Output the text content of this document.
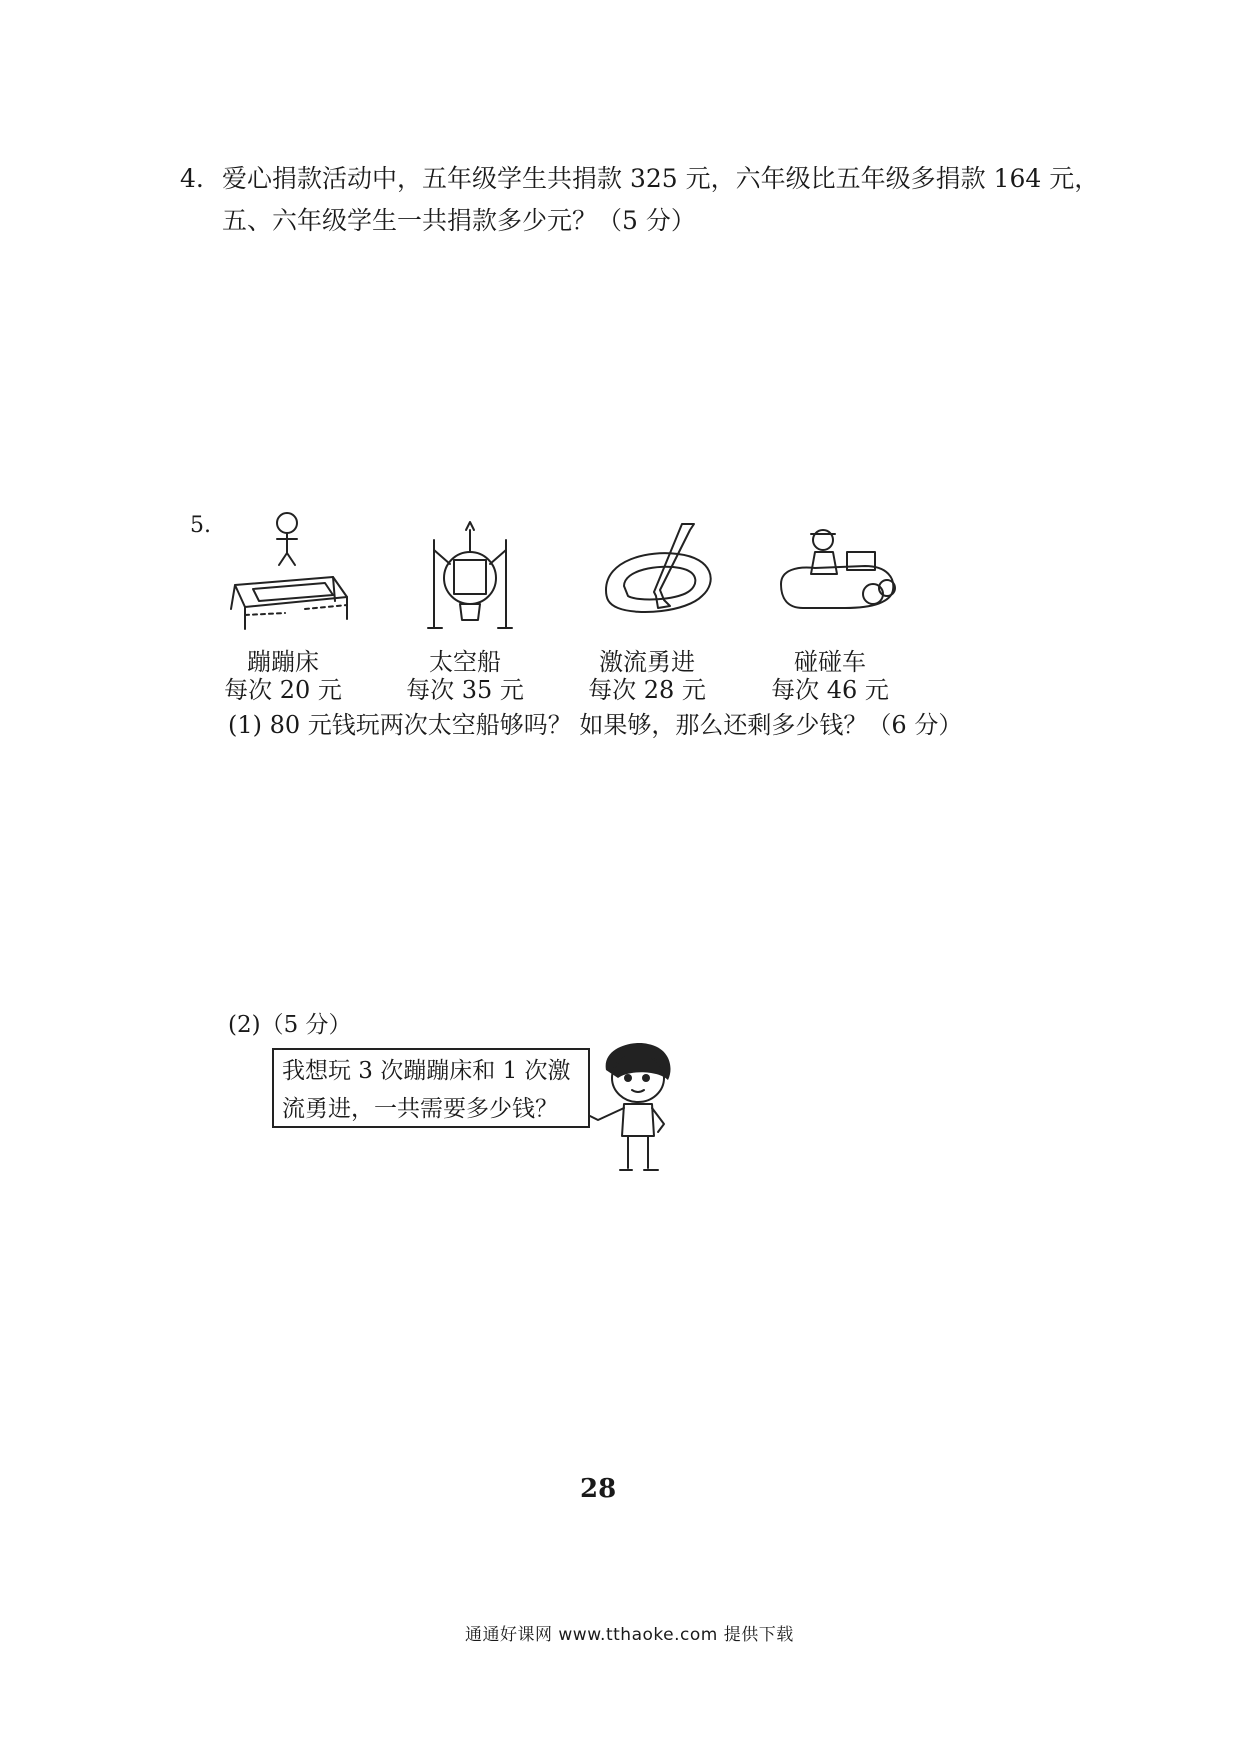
4. 爱心捐款活动中，五年级学生共捐款 325 元，六年级比五年级多捐款 164 元，
五、六年级学生一共捐款多少元？（5 分）
5.
蹦蹦床
每次 20 元
太空船
每次 35 元
激流勇进
每次 28 元
碰碰车
每次 46 元
(1) 80 元钱玩两次太空船够吗？ 如果够，那么还剩多少钱？（6 分）
(2)（5 分）
我想玩 3 次蹦蹦床和 1 次激
流勇进，一共需要多少钱？
28
通通好课网 www.tthaoke.com 提供下载
